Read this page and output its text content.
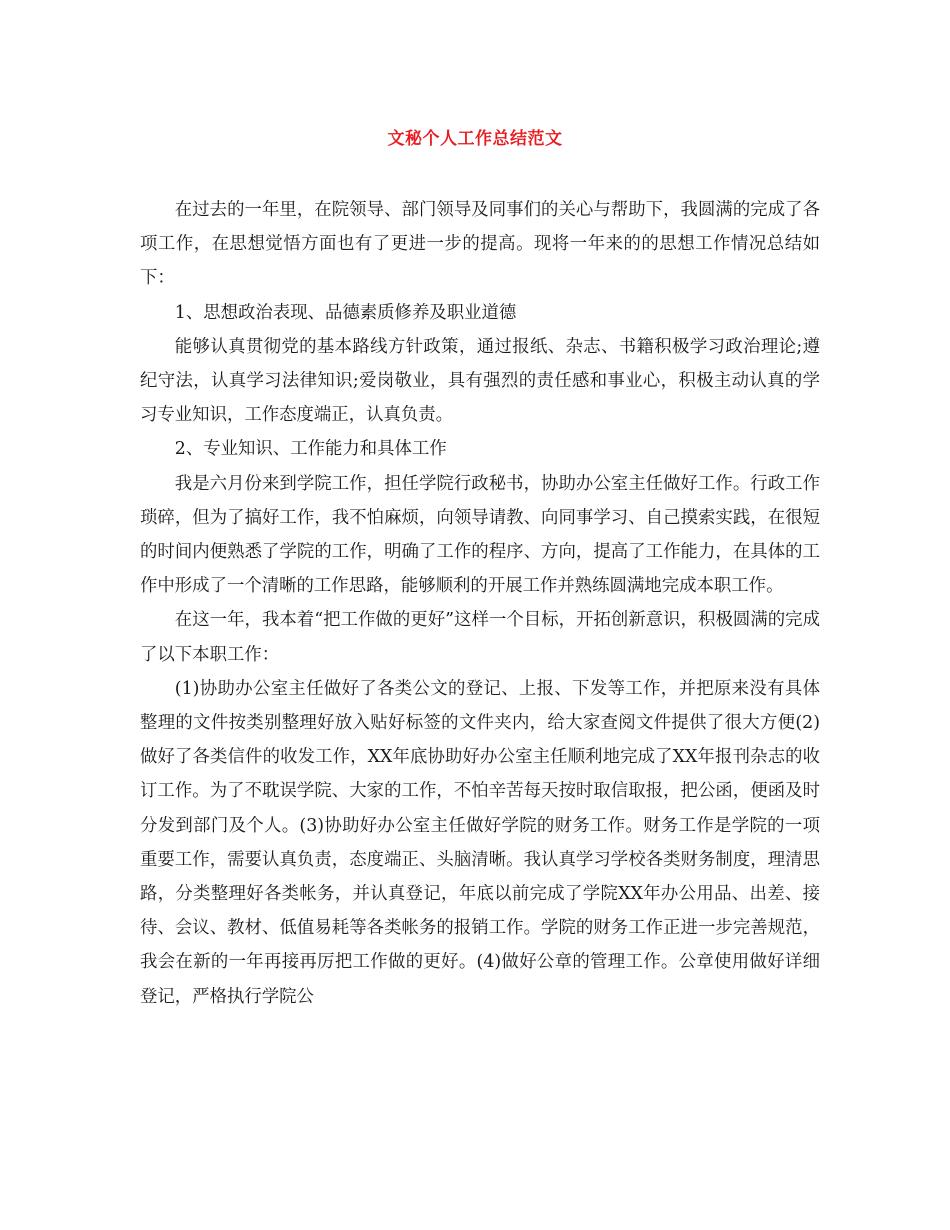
文秘个人工作总结范文

在过去的一年里，在院领导、部门领导及同事们的关心与帮助下，我圆满的完成了各项工作，在思想觉悟方面也有了更进一步的提高。现将一年来的的思想工作情况总结如下：

1、思想政治表现、品德素质修养及职业道德

能够认真贯彻党的基本路线方针政策，通过报纸、杂志、书籍积极学习政治理论;遵纪守法，认真学习法律知识;爱岗敬业，具有强烈的责任感和事业心，积极主动认真的学习专业知识，工作态度端正，认真负责。

2、专业知识、工作能力和具体工作

我是六月份来到学院工作，担任学院行政秘书，协助办公室主任做好工作。行政工作琐碎，但为了搞好工作，我不怕麻烦，向领导请教、向同事学习、自己摸索实践，在很短的时间内便熟悉了学院的工作，明确了工作的程序、方向，提高了工作能力，在具体的工作中形成了一个清晰的工作思路，能够顺利的开展工作并熟练圆满地完成本职工作。

在这一年，我本着“把工作做的更好”这样一个目标，开拓创新意识，积极圆满的完成了以下本职工作：

(1)协助办公室主任做好了各类公文的登记、上报、下发等工作，并把原来没有具体整理的文件按类别整理好放入贴好标签的文件夹内，给大家查阅文件提供了很大方便(2)做好了各类信件的收发工作，XX年底协助好办公室主任顺利地完成了XX年报刊杂志的收订工作。为了不耽误学院、大家的工作，不怕辛苦每天按时取信取报，把公函，便函及时分发到部门及个人。(3)协助好办公室主任做好学院的财务工作。财务工作是学院的一项重要工作，需要认真负责，态度端正、头脑清晰。我认真学习学校各类财务制度，理清思路，分类整理好各类帐务，并认真登记，年底以前完成了学院XX年办公用品、出差、接待、会议、教材、低值易耗等各类帐务的报销工作。学院的财务工作正进一步完善规范，我会在新的一年再接再厉把工作做的更好。(4)做好公章的管理工作。公章使用做好详细登记，严格执行学院公
